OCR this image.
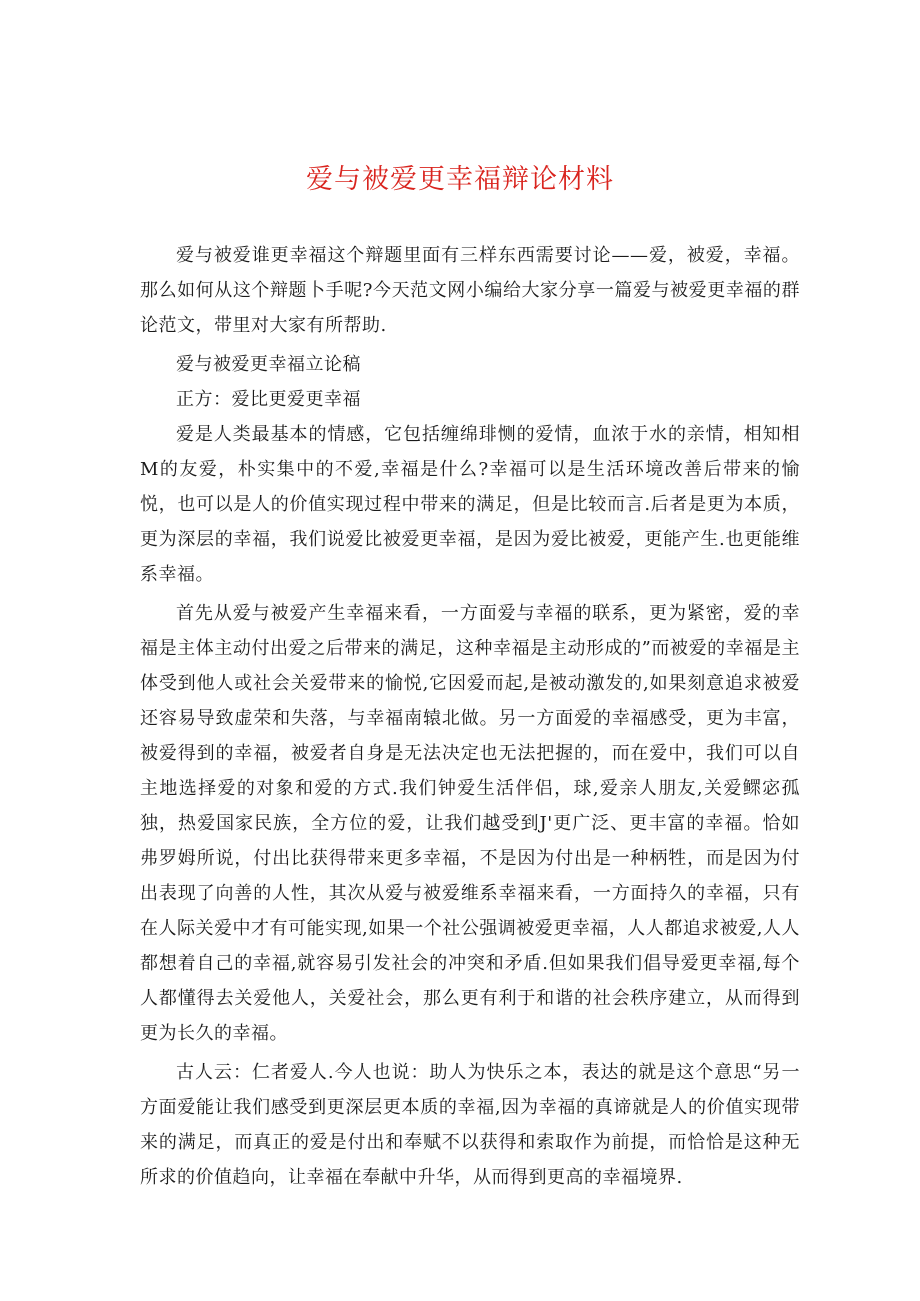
爱与被爱更幸福辩论材料

爱与被爱谁更幸福这个辩题里面有三样东西需要讨论——爱，被爱，幸福。那么如何从这个辩题卜手呢?今天范文网小编给大家分享一篇爱与被爱更幸福的群论范文，带里对大家有所帮助.

爱与被爱更幸福立论稿

正方：爱比更爱更幸福

爱是人类最基本的情感，它包括缠绵琲恻的爱情，血浓于水的亲情，相知相M的友爱，朴实集中的不爱,幸福是什么?幸福可以是生活环境改善后带来的愉悦，也可以是人的价值实现过程中带来的满足，但是比较而言.后者是更为本质，更为深层的幸福，我们说爱比被爱更幸福，是因为爱比被爱，更能产生.也更能维系幸福。

首先从爱与被爱产生幸福来看，一方面爱与幸福的联系，更为紧密，爱的幸福是主体主动付出爱之后带来的满足，这种幸福是主动形成的”而被爱的幸福是主体受到他人或社会关爱带来的愉悦,它因爱而起,是被动激发的,如果刻意追求被爱还容易导致虚荣和失落，与幸福南辕北做。另一方面爱的幸福感受，更为丰富，被爱得到的幸福，被爱者自身是无法决定也无法把握的，而在爱中，我们可以自主地选择爱的对象和爱的方式.我们钟爱生活伴侣，球,爱亲人朋友,关爱鳏宓孤独，热爱国家民族，全方位的爱，让我们越受到J'更广泛、更丰富的幸福。恰如弗罗姆所说，付出比获得带来更多幸福，不是因为付出是一种柄牲，而是因为付出表现了向善的人性，其次从爱与被爱维系幸福来看，一方面持久的幸福，只有在人际关爱中才有可能实现,如果一个社公强调被爱更幸福，人人都追求被爱,人人都想着自己的幸福,就容易引发社会的冲突和矛盾.但如果我们倡导爱更幸福,每个人都懂得去关爱他人，关爱社会，那么更有利于和谐的社会秩序建立，从而得到更为长久的幸福。

古人云：仁者爱人.今人也说：助人为快乐之本，表达的就是这个意思“另一方面爱能让我们感受到更深层更本质的幸福,因为幸福的真谛就是人的价值实现带来的满足，而真正的爱是付出和奉赋不以获得和索取作为前提，而恰恰是这种无所求的价值趋向，让幸福在奉献中升华，从而得到更高的幸福境界.
